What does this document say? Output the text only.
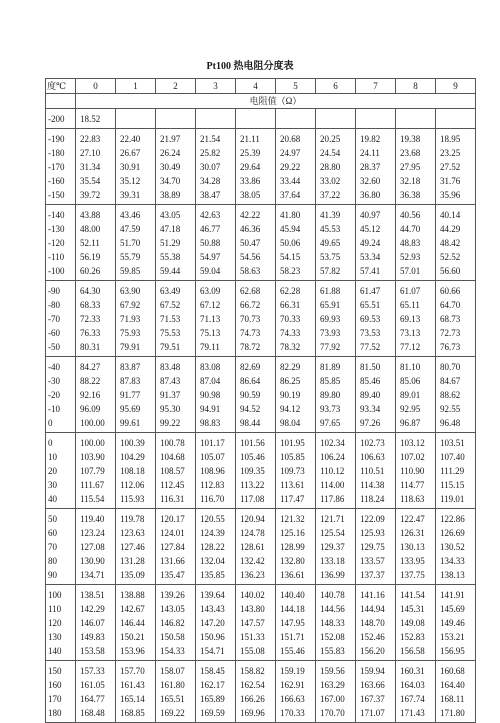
Pt100 热电阻分度表
度℃	0	1	2	3	4	5	6	7	8	9
	电阻值（Ω）									
-200	18.52									
-190	22.83	22.40	21.97	21.54	21.11	20.68	20.25	19.82	19.38	18.95
-180	27.10	26.67	26.24	25.82	25.39	24.97	24.54	24.11	23.68	23.25
-170	31.34	30.91	30.49	30.07	29.64	29.22	28.80	28.37	27.95	27.52
-160	35.54	35.12	34.70	34.28	33.86	33.44	33.02	32.60	32.18	31.76
-150	39.72	39.31	38.89	38.47	38.05	37.64	37.22	36.80	36.38	35.96
-140	43.88	43.46	43.05	42.63	42.22	41.80	41.39	40.97	40.56	40.14
-130	48.00	47.59	47.18	46.77	46.36	45.94	45.53	45.12	44.70	44.29
-120	52.11	51.70	51.29	50.88	50.47	50.06	49.65	49.24	48.83	48.42
-110	56.19	55.79	55.38	54.97	54.56	54.15	53.75	53.34	52.93	52.52
-100	60.26	59.85	59.44	59.04	58.63	58.23	57.82	57.41	57.01	56.60
-90	64.30	63.90	63.49	63.09	62.68	62.28	61.88	61.47	61.07	60.66
-80	68.33	67.92	67.52	67.12	66.72	66.31	65.91	65.51	65.11	64.70
-70	72.33	71.93	71.53	71.13	70.73	70.33	69.93	69.53	69.13	68.73
-60	76.33	75.93	75.53	75.13	74.73	74.33	73.93	73.53	73.13	72.73
-50	80.31	79.91	79.51	79.11	78.72	78.32	77.92	77.52	77.12	76.73
-40	84.27	83.87	83.48	83.08	82.69	82.29	81.89	81.50	81.10	80.70
-30	88.22	87.83	87.43	87.04	86.64	86.25	85.85	85.46	85.06	84.67
-20	92.16	91.77	91.37	90.98	90.59	90.19	89.80	89.40	89.01	88.62
-10	96.09	95.69	95.30	94.91	94.52	94.12	93.73	93.34	92.95	92.55
0	100.00	99.61	99.22	98.83	98.44	98.04	97.65	97.26	96.87	96.48
0	100.00	100.39	100.78	101.17	101.56	101.95	102.34	102.73	103.12	103.51
10	103.90	104.29	104.68	105.07	105.46	105.85	106.24	106.63	107.02	107.40
20	107.79	108.18	108.57	108.96	109.35	109.73	110.12	110.51	110.90	111.29
30	111.67	112.06	112.45	112.83	113.22	113.61	114.00	114.38	114.77	115.15
40	115.54	115.93	116.31	116.70	117.08	117.47	117.86	118.24	118.63	119.01
50	119.40	119.78	120.17	120.55	120.94	121.32	121.71	122.09	122.47	122.86
60	123.24	123.63	124.01	124.39	124.78	125.16	125.54	125.93	126.31	126.69
70	127.08	127.46	127.84	128.22	128.61	128.99	129.37	129.75	130.13	130.52
80	130.90	131.28	131.66	132.04	132.42	132.80	133.18	133.57	133.95	134.33
90	134.71	135.09	135.47	135.85	136.23	136.61	136.99	137.37	137.75	138.13
100	138.51	138.88	139.26	139.64	140.02	140.40	140.78	141.16	141.54	141.91
110	142.29	142.67	143.05	143.43	143.80	144.18	144.56	144.94	145.31	145.69
120	146.07	146.44	146.82	147.20	147.57	147.95	148.33	148.70	149.08	149.46
130	149.83	150.21	150.58	150.96	151.33	151.71	152.08	152.46	152.83	153.21
140	153.58	153.96	154.33	154.71	155.08	155.46	155.83	156.20	156.58	156.95
150	157.33	157.70	158.07	158.45	158.82	159.19	159.56	159.94	160.31	160.68
160	161.05	161.43	161.80	162.17	162.54	162.91	163.29	163.66	164.03	164.40
170	164.77	165.14	165.51	165.89	166.26	166.63	167.00	167.37	167.74	168.11
180	168.48	168.85	169.22	169.59	169.96	170.33	170.70	171.07	171.43	171.80
